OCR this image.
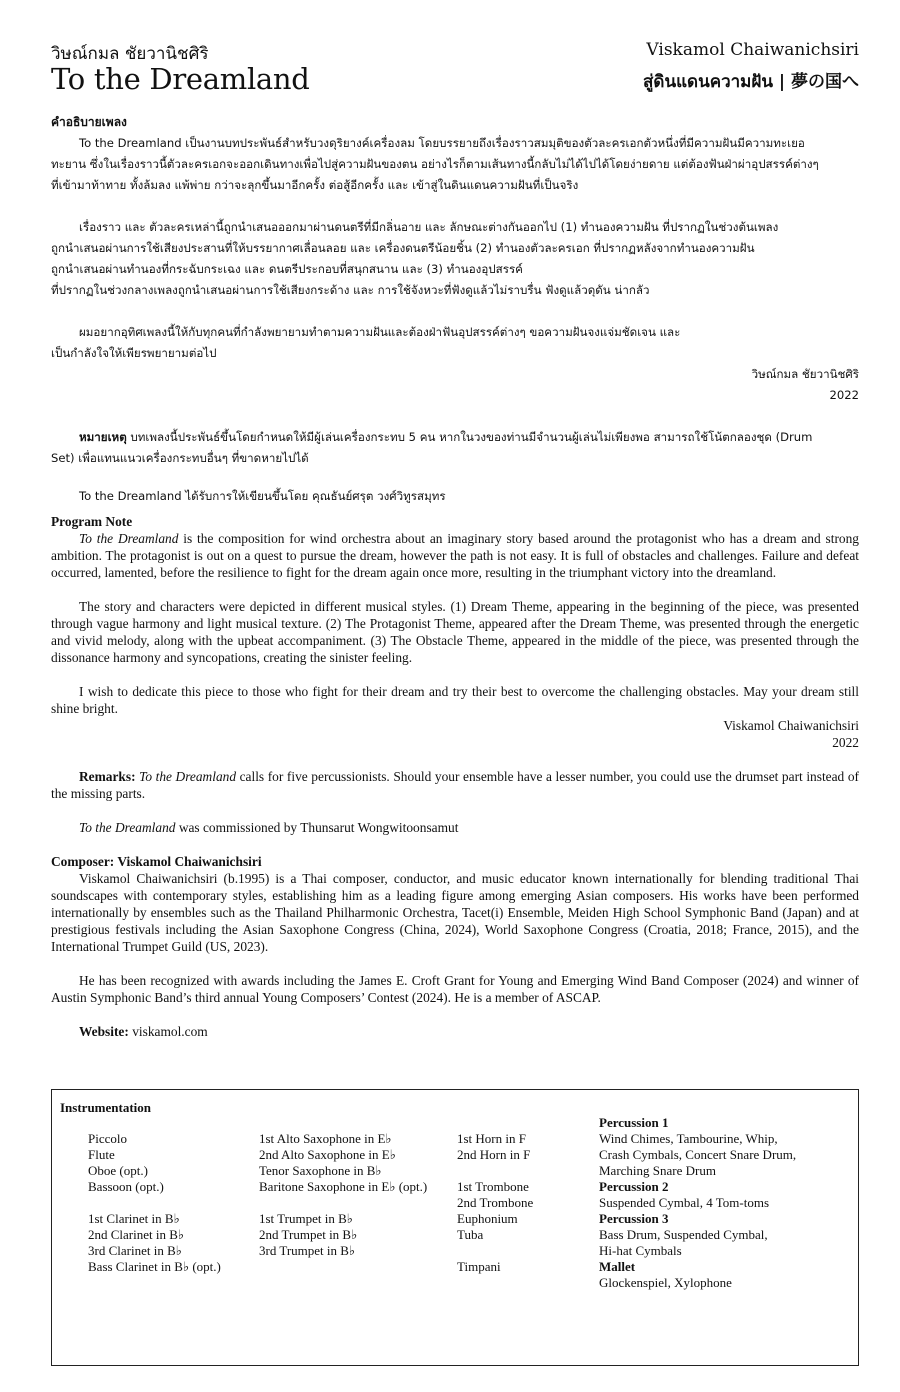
วิษณ์กมล ชัยวานิชศิริ
To the Dreamland
Viskamol Chaiwanichsiri
สู่ดินแดนความฝัน | 夢の国へ

คำอธิบายเพลง

To the Dreamland เป็นงานบทประพันธ์สำหรับวงดุริยางค์เครื่องลม โดยบรรยายถึงเรื่องราวสมมุติของตัวละครเอกตัวหนึ่งที่มีความฝันมีความทะเยอ

ทะยาน ซึ่งในเรื่องราวนี้ตัวละครเอกจะออกเดินทางเพื่อไปสู่ความฝันของตน อย่างไรก็ตามเส้นทางนี้กลับไม่ได้ไปได้โดยง่ายดาย แต่ต้องฟันฝ่าผ่าอุปสรรค์ต่างๆ

ที่เข้ามาท้าทาย ทั้งล้มลง แพ้พ่าย กว่าจะลุกขึ้นมาอีกครั้ง ต่อสู้อีกครั้ง และ เข้าสู่ในดินแดนความฝันที่เป็นจริง

เรื่องราว และ ตัวละครเหล่านี้ถูกนำเสนอออกมาผ่านดนตรีที่มีกลิ่นอาย และ ลักษณะต่างกันออกไป (1) ทำนองความฝัน ที่ปรากฏในช่วงต้นเพลง

ถูกนำเสนอผ่านการใช้เสียงประสานที่ให้บรรยากาศเลื่อนลอย และ เครื่องดนตรีน้อยชิ้น (2) ทำนองตัวละครเอก ที่ปรากฏหลังจากทำนองความฝัน

ถูกนำเสนอผ่านทำนองที่กระฉับกระเฉง และ ดนตรีประกอบที่สนุกสนาน และ (3) ทำนองอุปสรรค์

ที่ปรากฏในช่วงกลางเพลงถูกนำเสนอผ่านการใช้เสียงกระด้าง และ การใช้จังหวะที่ฟังดูแล้วไม่ราบรื่น ฟังดูแล้วดุดัน น่ากลัว

ผมอยากอุทิศเพลงนี้ให้กับทุกคนที่กำลังพยายามทำตามความฝันและต้องฝ่าฟันอุปสรรค์ต่างๆ ขอความฝันจงแจ่มชัดเจน และ

เป็นกำลังใจให้เพียรพยายามต่อไป

วิษณ์กมล ชัยวานิชศิริ

2022

หมายเหตุ บทเพลงนี้ประพันธ์ขึ้นโดยกำหนดให้มีผู้เล่นเครื่องกระทบ 5 คน หากในวงของท่านมีจำนวนผู้เล่นไม่เพียงพอ สามารถใช้โน้ตกลองชุด (Drum

Set) เพื่อแทนแนวเครื่องกระทบอื่นๆ ที่ขาดหายไปได้

To the Dreamland ได้รับการให้เขียนขึ้นโดย คุณธันย์ศรุต วงศ์วิทูรสมุทร

Program Note

To the Dreamland is the composition for wind orchestra about an imaginary story based around the protagonist who has a dream and strong ambition. The protagonist is out on a quest to pursue the dream, however the path is not easy. It is full of obstacles and challenges. Failure and defeat occurred, lamented, before the resilience to fight for the dream again once more, resulting in the triumphant victory into the dreamland.

The story and characters were depicted in different musical styles. (1) Dream Theme, appearing in the beginning of the piece, was presented through vague harmony and light musical texture. (2) The Protagonist Theme, appeared after the Dream Theme, was presented through the energetic and vivid melody, along with the upbeat accompaniment. (3) The Obstacle Theme, appeared in the middle of the piece, was presented through the dissonance harmony and syncopations, creating the sinister feeling.

I wish to dedicate this piece to those who fight for their dream and try their best to overcome the challenging obstacles. May your dream still shine bright.

Viskamol Chaiwanichsiri

2022

Remarks: To the Dreamland calls for five percussionists. Should your ensemble have a lesser number, you could use the drumset part instead of the missing parts.

To the Dreamland was commissioned by Thunsarut Wongwitoonsamut

Composer: Viskamol Chaiwanichsiri

Viskamol Chaiwanichsiri (b.1995) is a Thai composer, conductor, and music educator known internationally for blending traditional Thai soundscapes with contemporary styles, establishing him as a leading figure among emerging Asian composers. His works have been performed internationally by ensembles such as the Thailand Philharmonic Orchestra, Tacet(i) Ensemble, Meiden High School Symphonic Band (Japan) and at prestigious festivals including the Asian Saxophone Congress (China, 2024), World Saxophone Congress (Croatia, 2018; France, 2015), and the International Trumpet Guild (US, 2023).

He has been recognized with awards including the James E. Croft Grant for Young and Emerging Wind Band Composer (2024) and winner of Austin Symphonic Band’s third annual Young Composers’ Contest (2024). He is a member of ASCAP.

Website: viskamol.com

Instrumentation
Piccolo
Flute
Oboe (opt.)
Bassoon (opt.)
1st Clarinet in B♭
2nd Clarinet in B♭
3rd Clarinet in B♭
Bass Clarinet in B♭ (opt.)
1st Alto Saxophone in E♭
2nd Alto Saxophone in E♭
Tenor Saxophone in B♭
Baritone Saxophone in E♭ (opt.)
1st Trumpet in B♭
2nd Trumpet in B♭
3rd Trumpet in B♭
1st Horn in F
2nd Horn in F
1st Trombone
2nd Trombone
Euphonium
Tuba
Timpani
Percussion 1
Wind Chimes, Tambourine, Whip,
Crash Cymbals, Concert Snare Drum,
Marching Snare Drum
Percussion 2
Suspended Cymbal, 4 Tom-toms
Percussion 3
Bass Drum, Suspended Cymbal,
Hi-hat Cymbals
Mallet
Glockenspiel, Xylophone
